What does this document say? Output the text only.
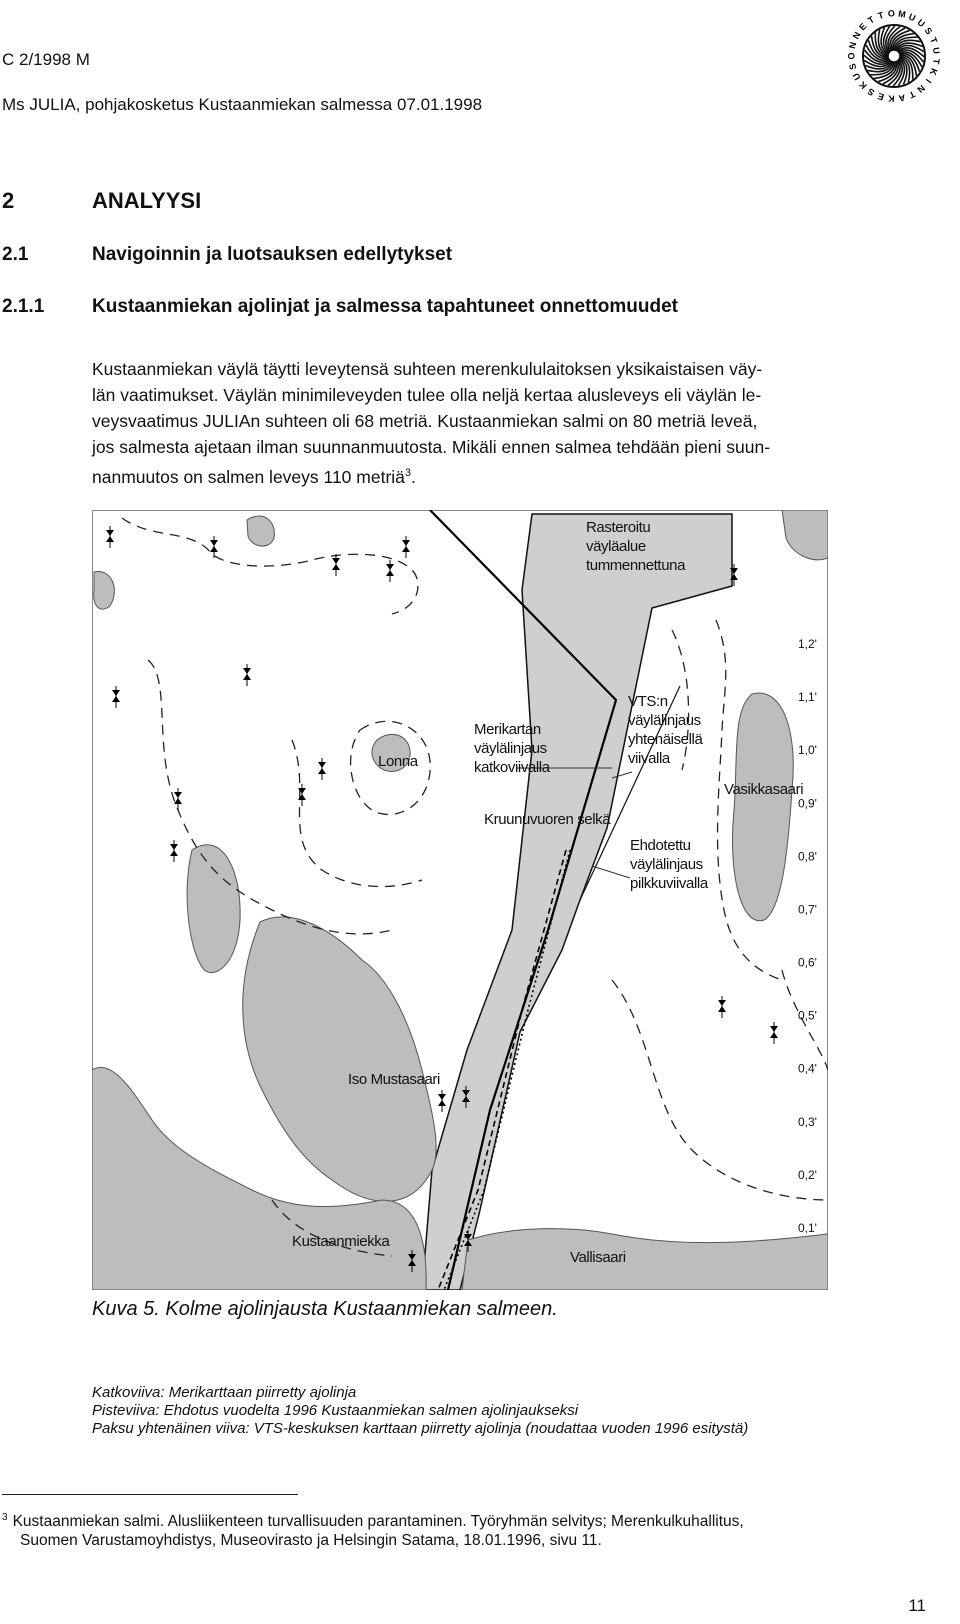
C 2/1998 M
Ms JULIA, pohjakosketus Kustaanmiekan salmessa 07.01.1998
O
N
N
E
T T O M U
U
S
T
U
T
K
I
N
T
A
K
E
S
K
U
S
2	ANALYYSI
2.1	Navigoinnin ja luotsauksen edellytykset
2.1.1	Kustaanmiekan ajolinjat ja salmessa tapahtuneet onnettomuudet

Kustaanmiekan väylä täytti leveytensä suhteen merenkululaitoksen yksikaistaisen väy-

län vaatimukset. Väylän minimileveyden tulee olla neljä kertaa alusleveys eli väylän le-

veysvaatimus JULIAn suhteen oli 68 metriä. Kustaanmiekan salmi on 80 metriä leveä,

jos salmesta ajetaan ilman suunnanmuutosta. Mikäli ennen salmea tehdään pieni suun-

nanmuutos on salmen leveys 110 metriä$^3$.

Rasteroitu
väyläalue
tummennettuna
VTS:n
väylälinjaus
yhtenäisellä
viivalla
Merikartan
väylälinjaus
katkoviivalla
Lonna
Vasikkasaari
Kruunuvuoren selkä
Ehdotettu
väylälinjaus
pilkkuviivalla
Iso Mustasaari
Kustaanmiekka
Vallisaari
1,2'
1,1'
1,0'
0,9'
0,8'
0,7'
0,6'
0,5'
0,4'
0,3'
0,2'
0,1'
Kuva 5. Kolme ajolinjausta Kustaanmiekan salmeen.
Katkoviiva: Merikarttaan piirretty ajolinja
Pisteviiva: Ehdotus vuodelta 1996 Kustaanmiekan salmen ajolinjaukseksi
Paksu yhtenäinen viiva: VTS-keskuksen karttaan piirretty ajolinja (noudattaa vuoden 1996 esitystä)
$^3$ Kustaanmiekan salmi. Alusliikenteen turvallisuuden parantaminen. Työryhmän selvitys; Merenkulkuhallitus,
Suomen Varustamoyhdistys, Museovirasto ja Helsingin Satama, 18.01.1996, sivu 11.
11
